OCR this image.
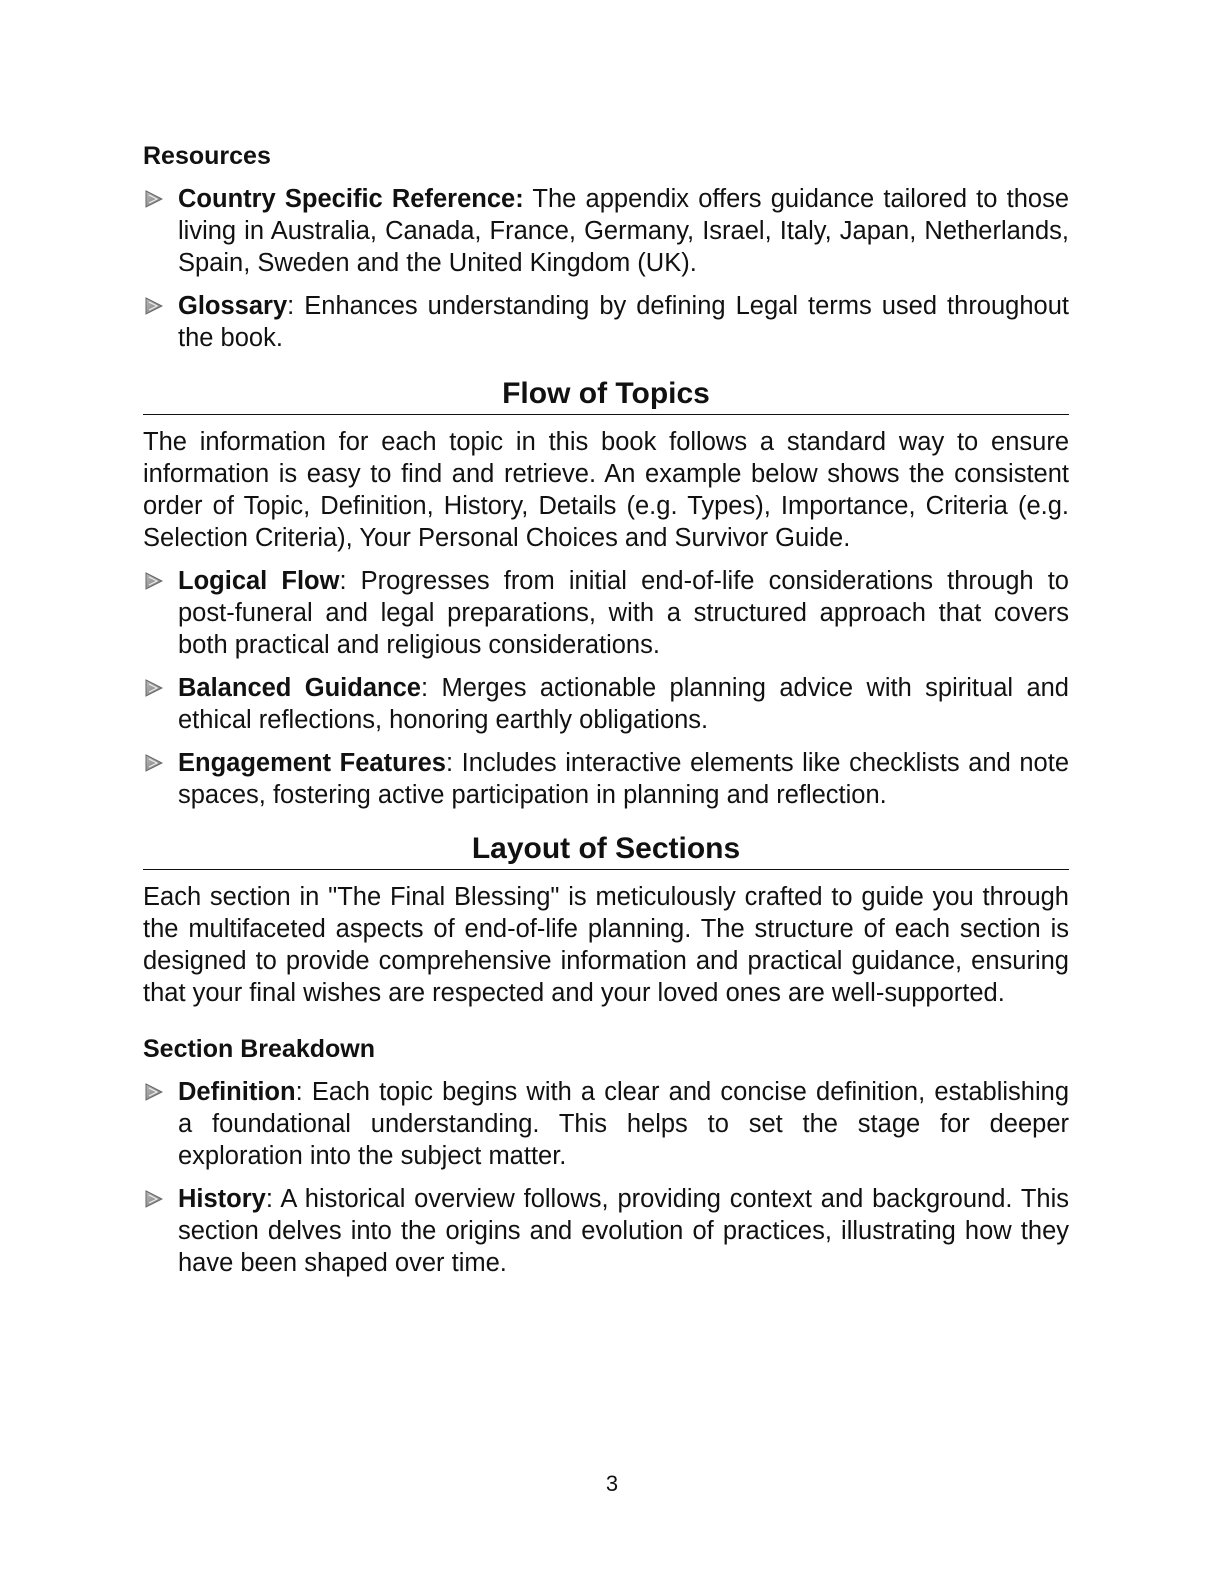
Resources
Country Specific Reference: The appendix offers guidance tailored to those living in Australia, Canada, France, Germany, Israel, Italy, Japan, Netherlands, Spain, Sweden and the United Kingdom (UK).
Glossary: Enhances understanding by defining Legal terms used throughout the book.
Flow of Topics

The information for each topic in this book follows a standard way to ensure information is easy to find and retrieve. An example below shows the consistent order of Topic, Definition, History, Details (e.g. Types), Importance, Criteria (e.g. Selection Criteria), Your Personal Choices and Survivor Guide.

Logical Flow: Progresses from initial end-of-life considerations through to post-funeral and legal preparations, with a structured approach that covers both practical and religious considerations.
Balanced Guidance: Merges actionable planning advice with spiritual and ethical reflections, honoring earthly obligations.
Engagement Features: Includes interactive elements like checklists and note spaces, fostering active participation in planning and reflection.
Layout of Sections

Each section in "The Final Blessing" is meticulously crafted to guide you through the multifaceted aspects of end-of-life planning. The structure of each section is designed to provide comprehensive information and practical guidance, ensuring that your final wishes are respected and your loved ones are well-supported.

Section Breakdown
Definition: Each topic begins with a clear and concise definition, establishing a foundational understanding. This helps to set the stage for deeper exploration into the subject matter.
History: A historical overview follows, providing context and background. This section delves into the origins and evolution of practices, illustrating how they have been shaped over time.
3
